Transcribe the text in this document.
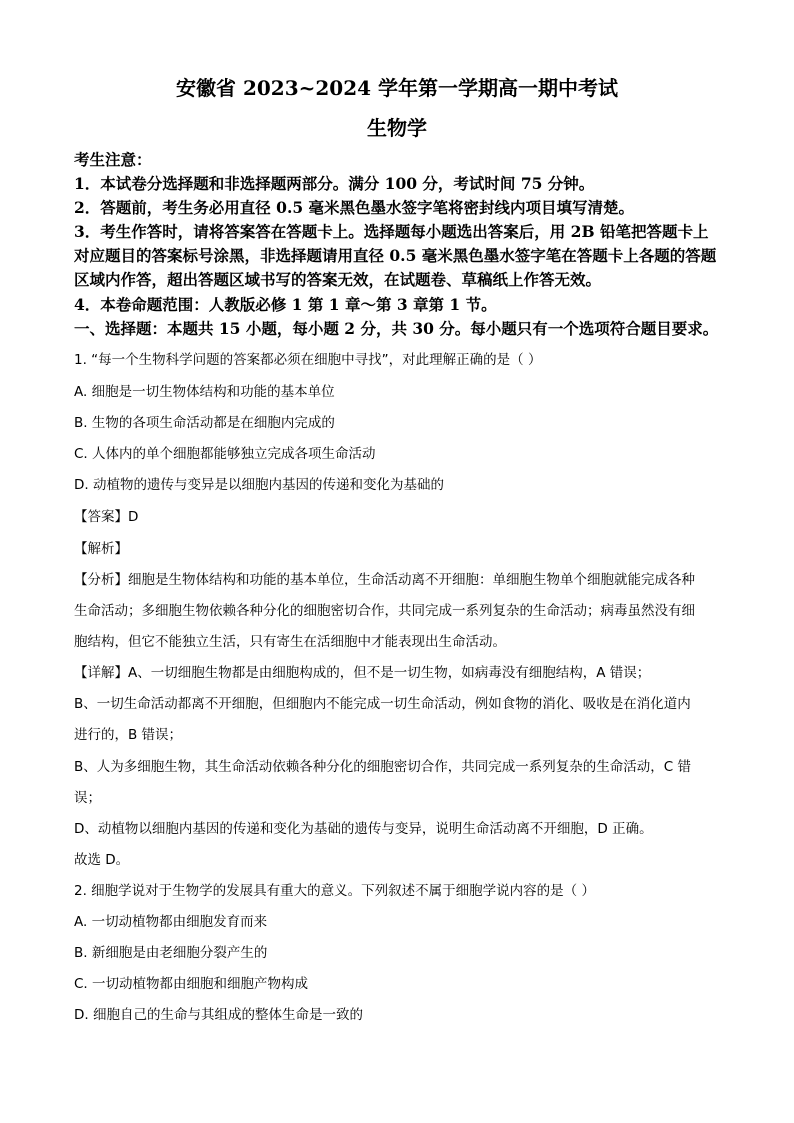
安徽省 2023~2024 学年第一学期高一期中考试
生物学
考生注意：
1．本试卷分选择题和非选择题两部分。满分 100 分，考试时间 75 分钟。
2．答题前，考生务必用直径 0.5 毫米黑色墨水签字笔将密封线内项目填写清楚。
3．考生作答时，请将答案答在答题卡上。选择题每小题选出答案后，用 2B 铅笔把答题卡上
对应题目的答案标号涂黑，非选择题请用直径 0.5 毫米黑色墨水签字笔在答题卡上各题的答题
区域内作答，超出答题区域书写的答案无效，在试题卷、草稿纸上作答无效。
4．本卷命题范围：人教版必修 1 第 1 章～第 3 章第 1 节。
一、选择题：本题共 15 小题，每小题 2 分，共 30 分。每小题只有一个选项符合题目要求。
1. “每一个生物科学问题的答案都必须在细胞中寻找”，对此理解正确的是（ ）
A. 细胞是一切生物体结构和功能的基本单位
B. 生物的各项生命活动都是在细胞内完成的
C. 人体内的单个细胞都能够独立完成各项生命活动
D. 动植物的遗传与变异是以细胞内基因的传递和变化为基础的
【答案】D
【解析】
【分析】细胞是生物体结构和功能的基本单位，生命活动离不开细胞：单细胞生物单个细胞就能完成各种
生命活动；多细胞生物依赖各种分化的细胞密切合作，共同完成一系列复杂的生命活动；病毒虽然没有细
胞结构，但它不能独立生活，只有寄生在活细胞中才能表现出生命活动。
【详解】A、一切细胞生物都是由细胞构成的，但不是一切生物，如病毒没有细胞结构，A 错误；
B、一切生命活动都离不开细胞，但细胞内不能完成一切生命活动，例如食物的消化、吸收是在消化道内
进行的，B 错误；
B、人为多细胞生物，其生命活动依赖各种分化的细胞密切合作，共同完成一系列复杂的生命活动，C 错
误；
D、动植物以细胞内基因的传递和变化为基础的遗传与变异，说明生命活动离不开细胞，D 正确。
故选 D。
2. 细胞学说对于生物学的发展具有重大的意义。下列叙述不属于细胞学说内容的是（ ）
A. 一切动植物都由细胞发育而来
B. 新细胞是由老细胞分裂产生的
C. 一切动植物都由细胞和细胞产物构成
D. 细胞自己的生命与其组成的整体生命是一致的
